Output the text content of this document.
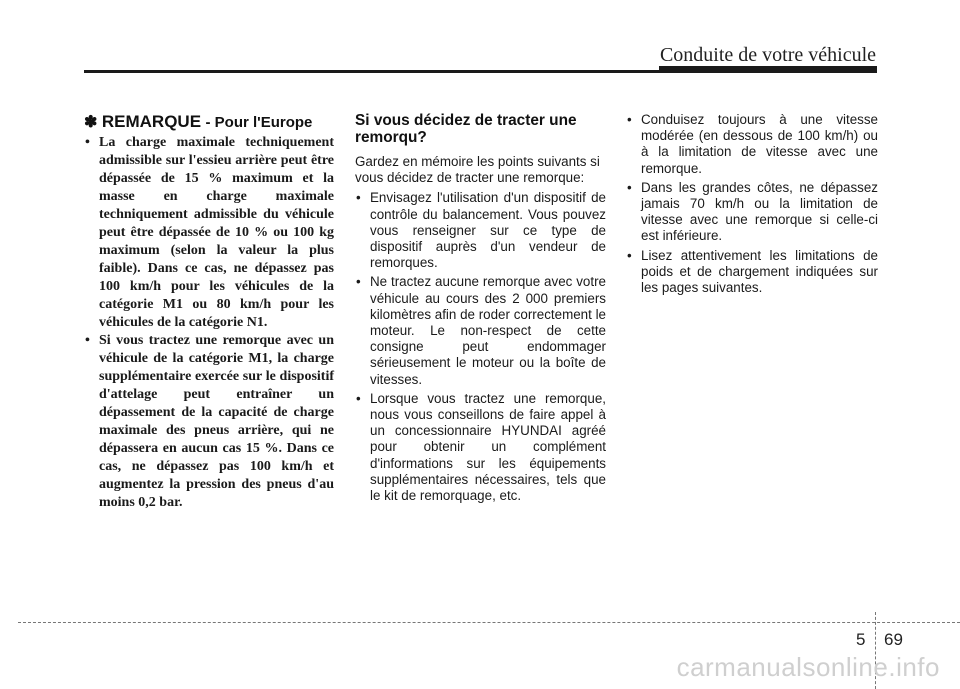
Conduite de votre véhicule
✽ REMARQUE - Pour l'Europe
• La charge maximale techniquement admissible sur l'essieu arrière peut être dépassée de 15 % maximum et la masse en charge maximale techniquement admissible du véhicule peut être dépassée de 10 % ou 100 kg maximum (selon la valeur la plus faible). Dans ce cas, ne dépassez pas 100 km/h pour les véhicules de la catégorie M1 ou 80 km/h pour les véhicules de la catégorie N1.
• Si vous tractez une remorque avec un véhicule de la catégorie M1, la charge supplémentaire exercée sur le dispositif d'attelage peut entraîner un dépassement de la capacité de charge maximale des pneus arrière, qui ne dépassera en aucun cas 15 %. Dans ce cas, ne dépassez pas 100 km/h et augmentez la pression des pneus d'au moins 0,2 bar.
Si vous décidez de tracter une remorqu?

Gardez en mémoire les points suivants si vous décidez de tracter une remorque:

• Envisagez l'utilisation d'un dispositif de contrôle du balancement. Vous pouvez vous renseigner sur ce type de dispositif auprès d'un vendeur de remorques.
• Ne tractez aucune remorque avec votre véhicule au cours des 2 000 premiers kilomètres afin de roder correctement le moteur. Le non-respect de cette consigne peut endommager sérieusement le moteur ou la boîte de vitesses.
• Lorsque vous tractez une remorque, nous vous conseillons de faire appel à un concessionnaire HYUNDAI agréé pour obtenir un complément d'informations sur les équipements supplémentaires nécessaires, tels que le kit de remorquage, etc.
• Conduisez toujours à une vitesse modérée (en dessous de 100 km/h) ou à la limitation de vitesse avec une remorque.
• Dans les grandes côtes, ne dépassez jamais 70 km/h ou la limitation de vitesse avec une remorque si celle-ci est inférieure.
• Lisez attentivement les limitations de poids et de chargement indiquées sur les pages suivantes.
5 69
carmanualsonline.info
